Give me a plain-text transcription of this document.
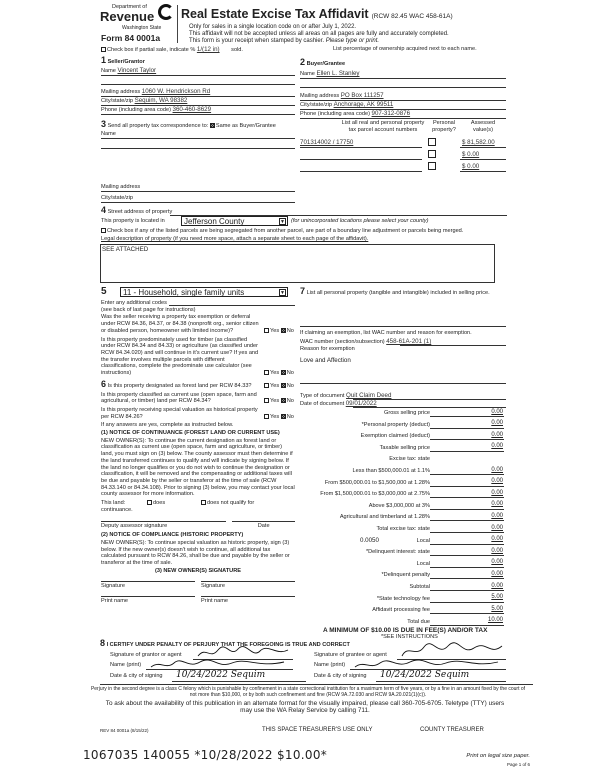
Department of
Revenue
Washington State
Form 84 0001a
Real Estate Excise Tax Affidavit (RCW 82.45 WAC 458-61A)
Only for sales in a single location code on or after July 1, 2022.
This affidavit will not be accepted unless all areas on all pages are fully and accurately completed.
This form is your receipt when stamped by cashier. Please type or print.
Check box if partial sale, indicate % 1/(12 in) sold.	List percentage of ownership acquired next to each name.
1 Seller/Grantor
Name Vincent Taylor
Mailing address 1060 W. Hendrickson Rd
City/state/zip Sequim, WA 98382
Phone (including area code) 360-460-8629
2 Buyer/Grantee
Name Ellen L. Stanley
Mailing address PO Box 111257
City/state/zip Anchorage, AK 99511
Phone (including area code) 907-312-0876
3 Send all property tax correspondence to: Same as Buyer/Grantee
Name
Mailing address
City/state/zip
List all real and personal property tax parcel account numbers
Personal property?
Assessed value(s)
701314002 / 17750	$ 81,582.00
$ 0.00
$ 0.00
4 Street address of property
This property is located in	Jefferson County	▼ (for unincorporated locations please select your county)
Check box if any of the listed parcels are being segregated from another parcel, are part of a boundary line adjustment or parcels being merged.
Legal description of property (if you need more space, attach a separate sheet to each page of the affidavit).
SEE ATTACHED
5	11 - Household, single family units	▼
Enter any additional codes
(see back of last page for instructions)
Was the seller receiving a property tax exemption or deferral under RCW 84.36, 84.37, or 84.38 (nonprofit org., senior citizen or disabled person, homeowner with limited income)?	Yes No
Is this property predominately used for timber (as classified under RCW 84.34 and 84.33) or agriculture (as classified under RCW 84.34.020) and will continue in it's current use? If yes and the transfer involves multiple parcels with different classifications, complete the predominate use calculator (see instructions)	Yes No
6 Is this property designated as forest land per RCW 84.33?	Yes No
Is this property classified as current use (open space, farm and agricultural, or timber) land per RCW 84.34?	Yes No
Is this property receiving special valuation as historical property per RCW 84.26?	Yes No
If any answers are yes, complete as instructed below.
(1) NOTICE OF CONTINUANCE (FOREST LAND OR CURRENT USE)
NEW OWNER(S): To continue the current designation as forest land or classification as current use (open space, farm and agriculture, or timber) land, you must sign on (3) below. The county assessor must then determine if the land transferred continues to qualify and will indicate by signing below. If the land no longer qualifies or you do not wish to continue the designation or classification, it will be removed and the compensating or additional taxes will be due and payable by the seller or transferor at the time of sale (RCW 84.33.140 or 84.34.108). Prior to signing (3) below, you may contact your local county assessor for more information.
This land:
continuance.
does	does not qualify for
Deputy assessor signature	Date
(2) NOTICE OF COMPLIANCE (HISTORIC PROPERTY)
NEW OWNER(S): To continue special valuation as historic property, sign (3) below. If the new owner(s) doesn't wish to continue, all additional tax calculated pursuant to RCW 84.26, shall be due and payable by the seller or transferor at the time of sale.
(3) NEW OWNER(S) SIGNATURE
Signature	Signature
Print name	Print name
7 List all personal property (tangible and intangible) included in selling price.
If claiming an exemption, list WAC number and reason for exemption.
WAC number (section/subsection) 458-61A-201 (1)
Reason for exemption
Love and Affection
Type of document Quit Claim Deed
Date of document 09/01/2022
Gross selling price	0.00
*Personal property (deduct)	0.00
Exemption claimed (deduct)	0.00
Taxable selling price	0.00
Excise tax: state
Less than $500,000.01 at 1.1%	0.00
From $500,000.01 to $1,500,000 at 1.28%	0.00
From $1,500,000.01 to $3,000,000 at 2.75%	0.00
Above $3,000,000 at 3%	0.00
Agricultural and timberland at 1.28%	0.00
Total excise tax: state	0.00
Local	0.00
*Delinquent interest: state	0.00
Local	0.00
*Delinquent penalty	0.00
Subtotal	0.00
*State technology fee	5.00
Affidavit processing fee	5.00
Total due	10.00
0.0050
A MINIMUM OF $10.00 IS DUE IN FEE(S) AND/OR TAX
*SEE INSTRUCTIONS
8 I CERTIFY UNDER PENALTY OF PERJURY THAT THE FOREGOING IS TRUE AND CORRECT
Signature of grantor or agent
Name (print)
Date & city of signing
Signature of grantee or agent
Name (print)
Date & city of signing
10/24/2022 Sequim	10/24/2022 Sequim
Perjury in the second degree is a class C felony which is punishable by confinement in a state correctional institution for a maximum term of five years, or by a fine in an amount fixed by the court of not more than $10,000, or by both such confinement and fine (RCW 9A.72.030 and RCW 9A.20.021(1)(c)).
To ask about the availability of this publication in an alternate format for the visually impaired, please call 360-705-6705. Teletype (TTY) users may use the WA Relay Service by calling 711.
REV 84 0001a (8/15/22)	THIS SPACE TREASURER'S USE ONLY	COUNTY TREASURER
1067035 140055 *10/28/2022 $10.00*	Print on legal size paper.
Page 1 of 6
